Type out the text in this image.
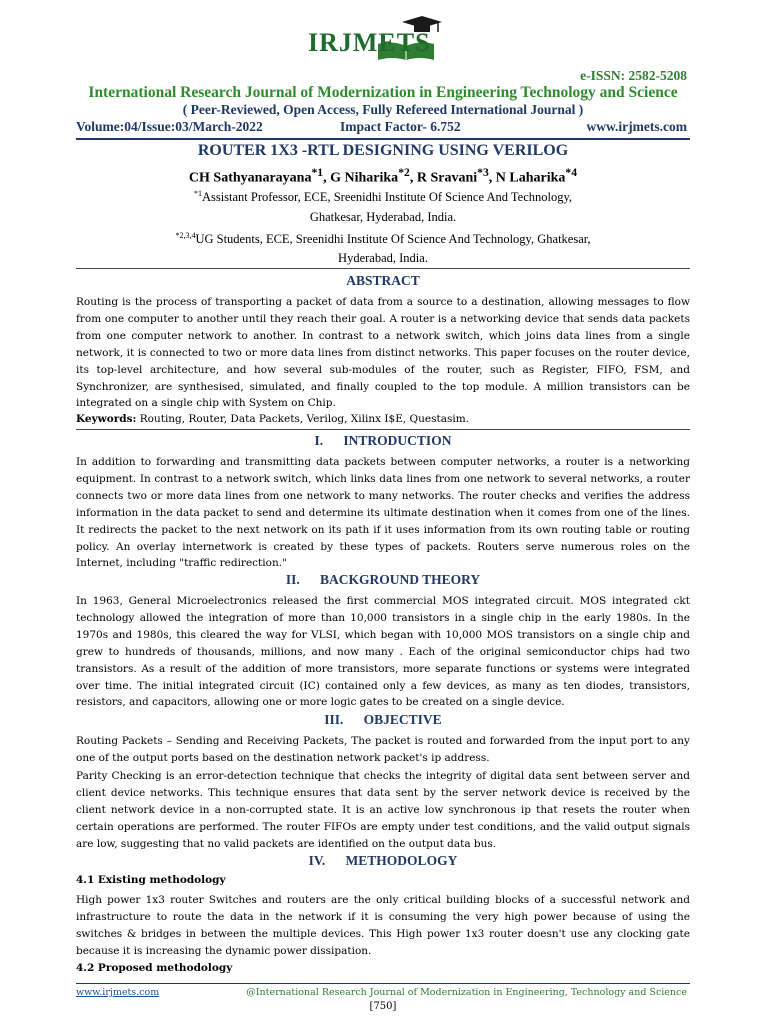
IRJMETS
e-ISSN: 2582-5208
International Research Journal of Modernization in Engineering Technology and Science
( Peer-Reviewed, Open Access, Fully Refereed International Journal )
Volume:04/Issue:03/March-2022	Impact Factor- 6.752	www.irjmets.com
ROUTER 1X3 -RTL DESIGNING USING VERILOG
CH Sathyanarayana$^{*1}$, G Niharika$^{*2}$, R Sravani$^{*3}$, N Laharika$^{*4}$
$^{*1}$Assistant Professor, ECE, Sreenidhi Institute Of Science And Technology,
Ghatkesar, Hyderabad, India.
$^{*2,3,4}$UG Students, ECE, Sreenidhi Institute Of Science And Technology, Ghatkesar,
Hyderabad, India.
ABSTRACT

Routing is the process of transporting a packet of data from a source to a destination, allowing messages to flow from one computer to another until they reach their goal. A router is a networking device that sends data packets from one computer network to another. In contrast to a network switch, which joins data lines from a single network, it is connected to two or more data lines from distinct networks. This paper focuses on the router device, its top-level architecture, and how several sub-modules of the router, such as Register, FIFO, FSM, and Synchronizer, are synthesised, simulated, and finally coupled to the top module. A million transistors can be integrated on a single chip with System on Chip.

Keywords: Routing, Router, Data Packets, Verilog, Xilinx I$E, Questasim.
I.      INTRODUCTION

In addition to forwarding and transmitting data packets between computer networks, a router is a networking equipment. In contrast to a network switch, which links data lines from one network to several networks, a router connects two or more data lines from one network to many networks. The router checks and verifies the address information in the data packet to send and determine its ultimate destination when it comes from one of the lines. It redirects the packet to the next network on its path if it uses information from its own routing table or routing policy. An overlay internetwork is created by these types of packets. Routers serve numerous roles on the Internet, including "traffic redirection."

II.      BACKGROUND THEORY

In 1963, General Microelectronics released the first commercial MOS integrated circuit. MOS integrated ckt technology allowed the integration of more than 10,000 transistors in a single chip in the early 1980s. In the 1970s and 1980s, this cleared the way for VLSI, which began with 10,000 MOS transistors on a single chip and grew to hundreds of thousands, millions, and now many . Each of the original semiconductor chips had two transistors. As a result of the addition of more transistors, more separate functions or systems were integrated over time. The initial integrated circuit (IC) contained only a few devices, as many as ten diodes, transistors, resistors, and capacitors, allowing one or more logic gates to be created on a single device.

III.      OBJECTIVE

Routing Packets – Sending and Receiving Packets, The packet is routed and forwarded from the input port to any one of the output ports based on the destination network packet's ip address.

Parity Checking is an error-detection technique that checks the integrity of digital data sent between server and client device networks. This technique ensures that data sent by the server network device is received by the client network device in a non-corrupted state. It is an active low synchronous ip that resets the router when certain operations are performed. The router FIFOs are empty under test conditions, and the valid output signals are low, suggesting that no valid packets are identified on the output data bus.

IV.      METHODOLOGY
4.1 Existing methodology

High power 1x3 router Switches and routers are the only critical building blocks of a successful network and infrastructure to route the data in the network if it is consuming the very high power because of using the switches & bridges in between the multiple devices. This High power 1x3 router doesn't use any clocking gate because it is increasing the dynamic power dissipation.

4.2 Proposed methodology
www.irjmets.com	@International Research Journal of Modernization in Engineering, Technology and Science
[750]
